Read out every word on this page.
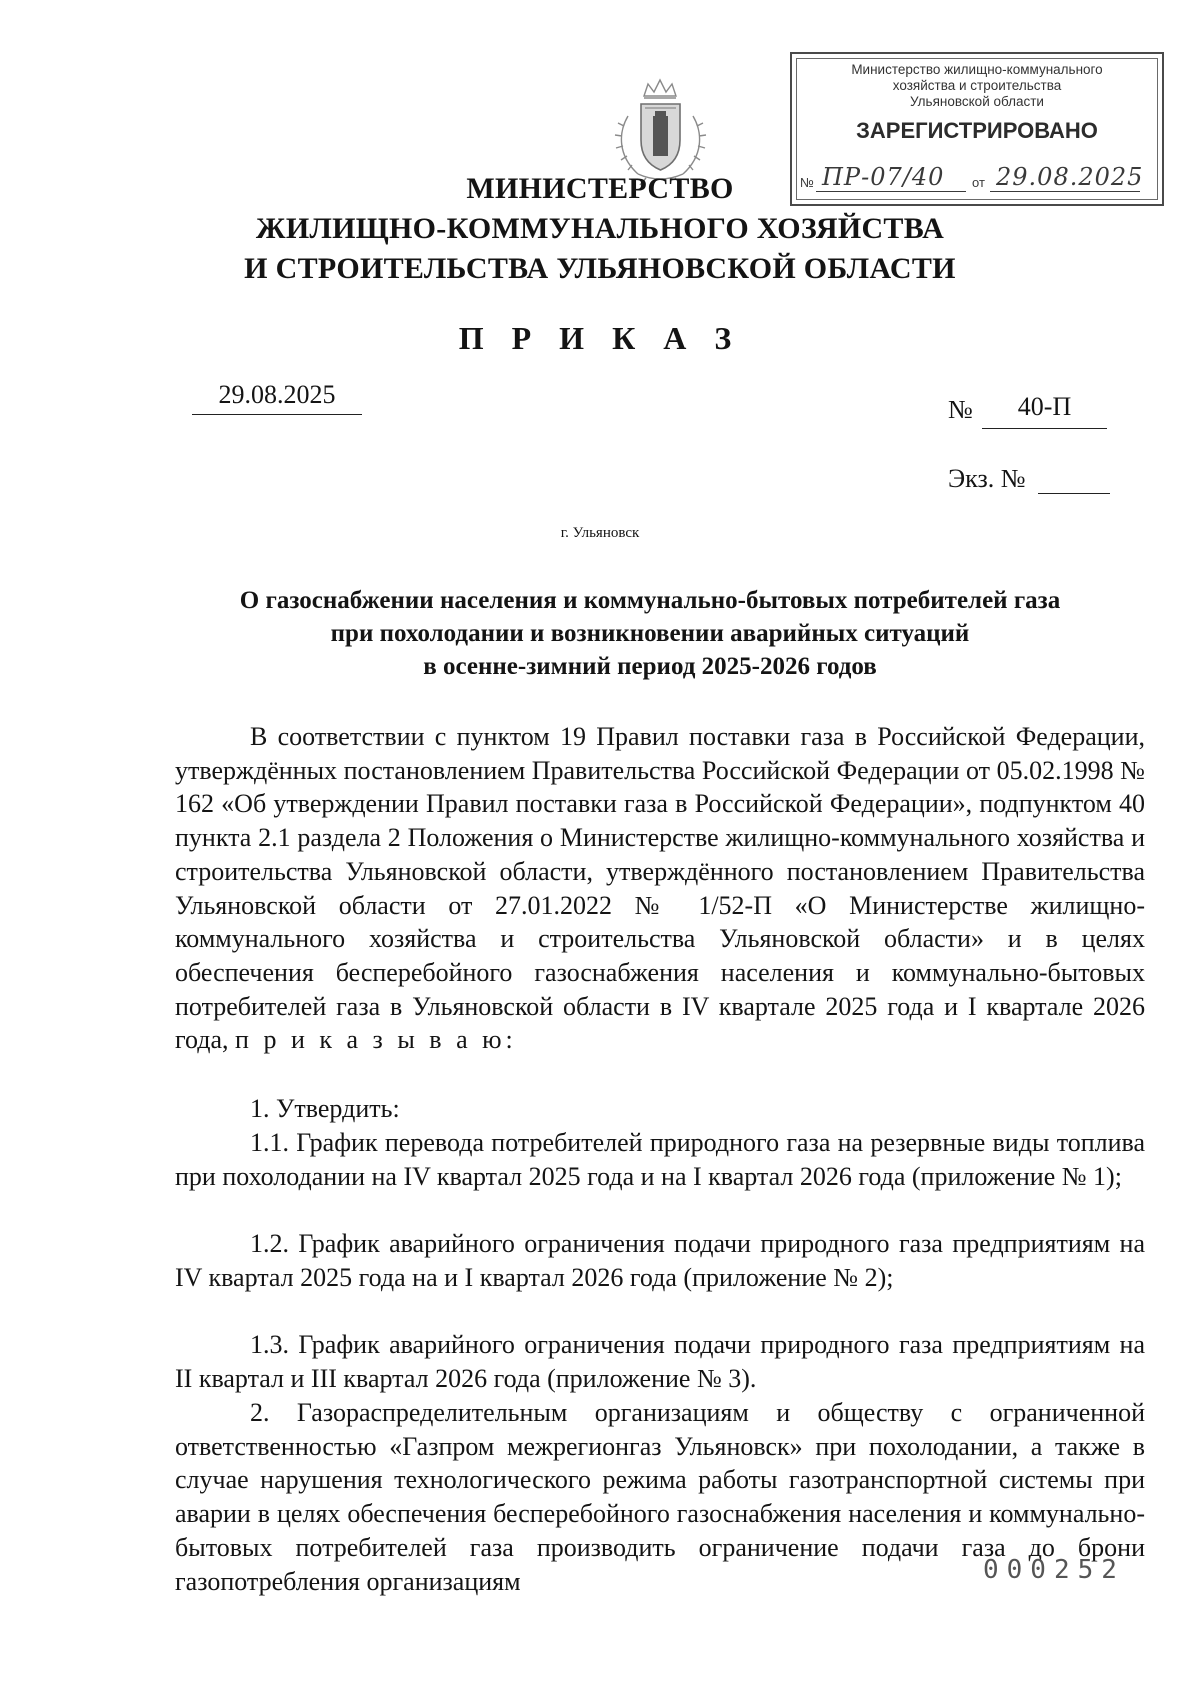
Министерство жилищно-коммунального
хозяйства и строительства
Ульяновской области
ЗАРЕГИСТРИРОВАНО
№ ПР-07/40 от 29.08.2025
МИНИСТЕРСТВО
ЖИЛИЩНО-КОММУНАЛЬНОГО ХОЗЯЙСТВА
И СТРОИТЕЛЬСТВА УЛЬЯНОВСКОЙ ОБЛАСТИ
П Р И К А З
29.08.2025
№	40-П
Экз. №
г. Ульяновск
О газоснабжении населения и коммунально-бытовых потребителей газа
при похолодании и возникновении аварийных ситуаций
в осенне-зимний период 2025-2026 годов
В соответствии с пунктом 19 Правил поставки газа в Российской Федерации, утверждённых постановлением Правительства Российской Федерации от 05.02.1998 № 162 «Об утверждении Правил поставки газа в Российской Федерации», подпунктом 40 пункта 2.1 раздела 2 Положения о Министерстве жилищно-коммунального хозяйства и строительства Ульяновской области, утверждённого постановлением Правительства Ульяновской области от 27.01.2022 № 1/52-П «О Министерстве жилищно-коммунального хозяйства и строительства Ульяновской области» и в целях обеспечения бесперебойного газоснабжения населения и коммунально-бытовых потребителей газа в Ульяновской области в IV квартале 2025 года и I квартале 2026 года, п р и к а з ы в а ю:
1. Утвердить:
1.1. График перевода потребителей природного газа на резервные виды топлива при похолодании на IV квартал 2025 года и на I квартал 2026 года (приложение № 1);
1.2. График аварийного ограничения подачи природного газа предприятиям на IV квартал 2025 года на и I квартал 2026 года (приложение № 2);
1.3. График аварийного ограничения подачи природного газа предприятиям на II квартал и III квартал 2026 года (приложение № 3).
2. Газораспределительным организациям и обществу с ограниченной ответственностью «Газпром межрегионгаз Ульяновск» при похолодании, а также в случае нарушения технологического режима работы газотранспортной системы при аварии в целях обеспечения бесперебойного газоснабжения населения и коммунально-бытовых потребителей газа производить ограничение подачи газа до брони газопотребления организациям	000252
